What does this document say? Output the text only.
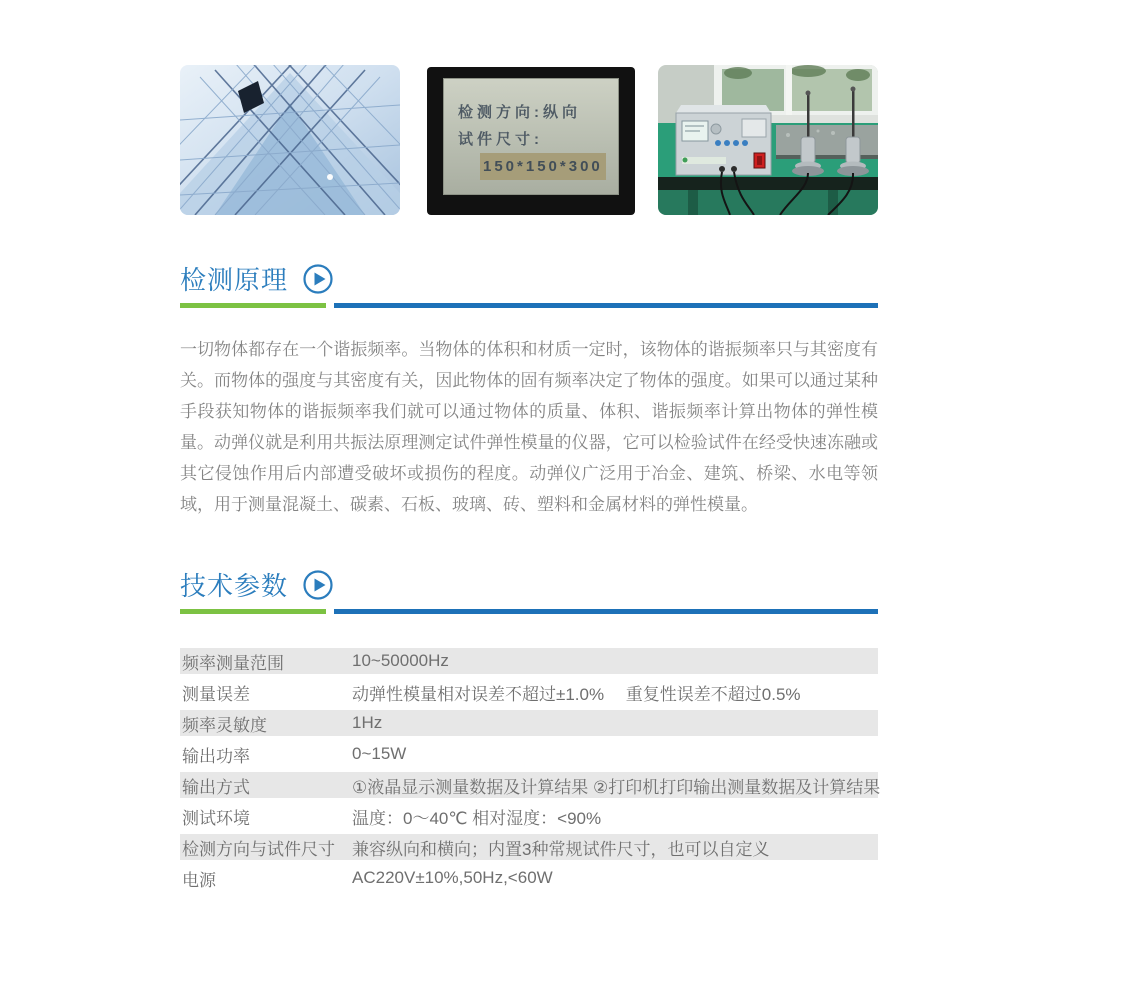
检测方向:纵向
试件尺寸:
150*150*300
检测原理
一切物体都存在一个谐振频率。当物体的体积和材质一定时，该物体的谐振频率只与其密度有关。而物体的强度与其密度有关，因此物体的固有频率决定了物体的强度。如果可以通过某种手段获知物体的谐振频率我们就可以通过物体的质量、体积、谐振频率计算出物体的弹性模量。动弹仪就是利用共振法原理测定试件弹性模量的仪器，它可以检验试件在经受快速冻融或其它侵蚀作用后内部遭受破坏或损伤的程度。动弹仪广泛用于冶金、建筑、桥梁、水电等领域，用于测量混凝土、碳素、石板、玻璃、砖、塑料和金属材料的弹性模量。
技术参数
频率测量范围	10~50000Hz
测量误差	动弹性模量相对误差不超过±1.0%　 重复性误差不超过0.5%
频率灵敏度	1Hz
输出功率	0~15W
输出方式	①液晶显示测量数据及计算结果 ②打印机打印输出测量数据及计算结果
测试环境	温度：0～40℃ 相对湿度：<90%
检测方向与试件尺寸	兼容纵向和横向；内置3种常规试件尺寸，也可以自定义
电源	AC220V±10%,50Hz,<60W
